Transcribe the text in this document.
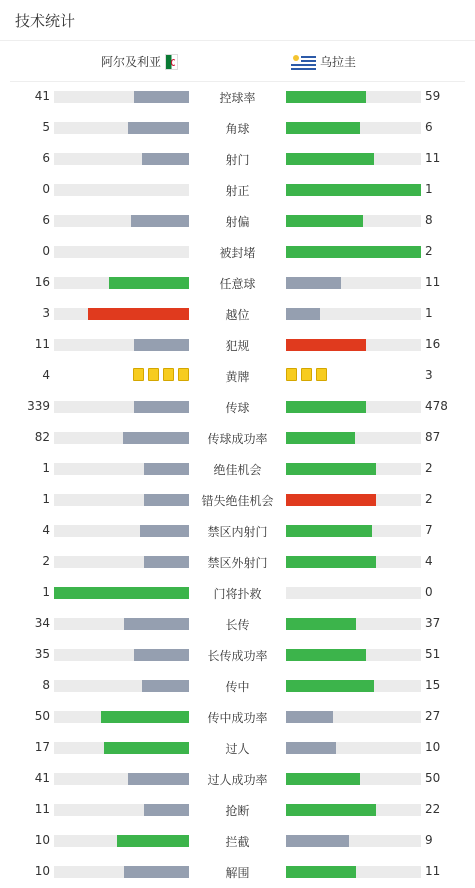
技术统计
阿尔及利亚	乌拉圭
41	控球率	59
5	角球	6
6	射门	11
0	射正	1
6	射偏	8
0	被封堵	2
16	任意球	11
3	越位	1
11	犯规	16
4	黄牌	3
339	传球	478
82	传球成功率	87
1	绝佳机会	2
1	错失绝佳机会	2
4	禁区内射门	7
2	禁区外射门	4
1	门将扑救	0
34	长传	37
35	长传成功率	51
8	传中	15
50	传中成功率	27
17	过人	10
41	过人成功率	50
11	抢断	22
10	拦截	9
10	解围	11
